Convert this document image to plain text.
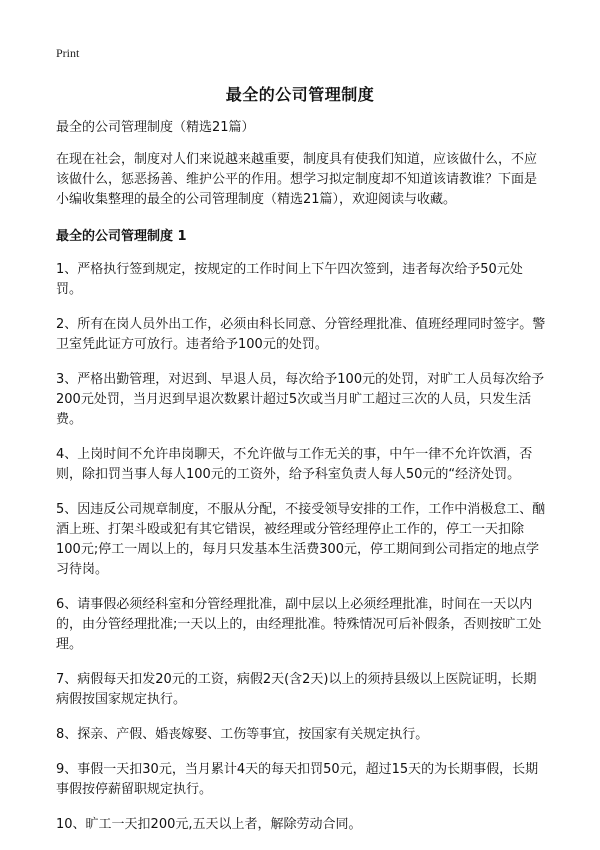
Print
最全的公司管理制度

最全的公司管理制度（精选21篇）

在现在社会，制度对人们来说越来越重要，制度具有使我们知道，应该做什么，不应该做什么，惩恶扬善、维护公平的作用。想学习拟定制度却不知道该请教谁？下面是小编收集整理的最全的公司管理制度（精选21篇），欢迎阅读与收藏。

最全的公司管理制度 1

1、严格执行签到规定，按规定的工作时间上下午四次签到，违者每次给予50元处罚。

2、所有在岗人员外出工作，必须由科长同意、分管经理批准、值班经理同时签字。警卫室凭此证方可放行。违者给予100元的处罚。

3、严格出勤管理，对迟到、早退人员，每次给予100元的处罚，对旷工人员每次给予200元处罚，当月迟到早退次数累计超过5次或当月旷工超过三次的人员，只发生活费。

4、上岗时间不允许串岗聊天，不允许做与工作无关的事，中午一律不允许饮酒，否则，除扣罚当事人每人100元的工资外，给予科室负责人每人50元的“经济处罚。

5、因违反公司规章制度，不服从分配，不接受领导安排的工作，工作中消极怠工、酗酒上班、打架斗殴或犯有其它错误，被经理或分管经理停止工作的，停工一天扣除100元;停工一周以上的，每月只发基本生活费300元，停工期间到公司指定的地点学习待岗。

6、请事假必须经科室和分管经理批准，副中层以上必须经理批准，时间在一天以内的，由分管经理批准;一天以上的，由经理批准。特殊情况可后补假条，否则按旷工处理。

7、病假每天扣发20元的工资，病假2天(含2天)以上的须持县级以上医院证明，长期病假按国家规定执行。

8、探亲、产假、婚丧嫁娶、工伤等事宜，按国家有关规定执行。

9、事假一天扣30元，当月累计4天的每天扣罚50元，超过15天的为长期事假，长期事假按停薪留职规定执行。

10、旷工一天扣200元,五天以上者，解除劳动合同。
